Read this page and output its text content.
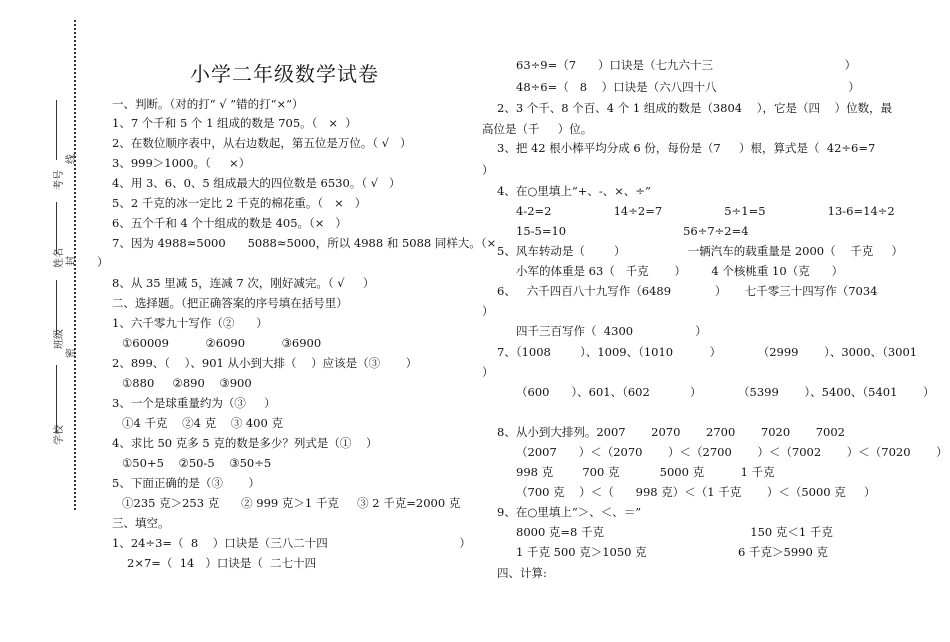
学校
班级
姓名
考号
线
封
密
小学二年级数学试卷
一、判断。（对的打“ √ ”错的打“×”）
1、7 个千和 5 个 1 组成的数是 705。（   ×  ）
2、在数位顺序表中，从右边数起，第五位是万位。（ √   ）
3、999＞1000。（     ×）
4、用 3、6、0、5 组成最大的四位数是 6530。（ √   ）
5、2 千克的冰一定比 2 千克的棉花重。（   ×   ）
6、五个千和 4 个十组成的数是 405。（×   ）
7、因为 4988≈5000      5088≈5000，所以 4988 和 5088 同样大。（×
）
8、从 35 里减 5，连减 7 次，刚好减完。（ √     ）
二、选择题。（把正确答案的序号填在括号里）
1、六千零九十写作（②      ）
①60009          ②6090          ③6900
2、899、（    ）、901 从小到大排（    ）应该是（③       ）
①880     ②890    ③900
3、一个是球重量约为（③     ）
①4 千克    ②4 克    ③ 400 克
4、求比 50 克多 5 克的数是多少？列式是（①    ）
①50+5    ②50-5    ③50÷5
5、下面正确的是（③       ）
①235 克＞253 克      ② 999 克＞1 千克     ③ 2 千克=2000 克
三、填空。
1、24÷3=（  8    ）口诀是（三八二十四                                    ）
2×7=（  14   ）口诀是（  二七十四
63÷9=（7      ）口诀是（七九六十三                                    ）
48÷6=（   8    ）口诀是（六八四十八                                    ）
2、3 个千、8 个百、4 个 1 组成的数是（3804    ），它是（四    ）位数，最
高位是（千     ）位。
3、把 42 根小棒平均分成 6 份，每份是（7     ）根，算式是（  42÷6=7
）
4、在○里填上“+、-、×、÷”
4-2=2                 14÷2=7                 5÷1=5                 13-6=14÷2
15-5=10                                56÷7÷2=4
5、风车转动是（        ）                 一辆汽车的载重量是 2000（    千克     ）
小军的体重是 63（   千克       ）       4 个核桃重 10（克      ）
6、   六千四百八十九写作（6489            ）     七千零三十四写作（7034
）
四千三百写作（  4300                 ）
7、（1008        ）、1009、（1010          ）          （2999       ）、3000、（3001
）
（600      ）、601、（602           ）          （5399       ）、5400、（5401       ）
8、从小到大排列。2007       2070       2700       7020       7002
（2007      ）＜（2070       ）＜（2700       ）＜（7002       ）＜（7020       ）
998 克        700 克           5000 克          1 千克
（700 克    ）＜（      998 克）＜（1 千克       ）＜（5000 克     ）
9、在○里填上“＞、＜、＝”
8000 克=8 千克                                        150 克＜1 千克
1 千克 500 克＞1050 克                         6 千克＞5990 克
四、计算:
